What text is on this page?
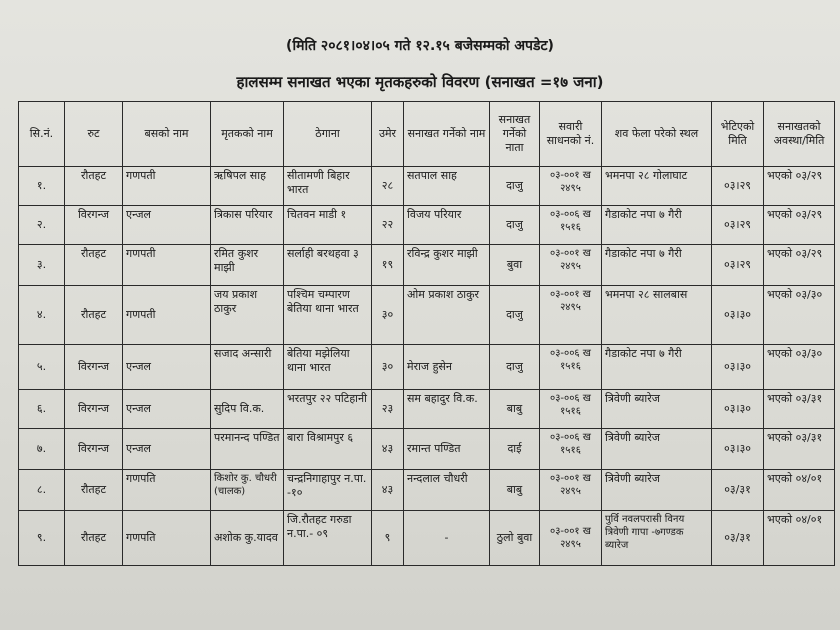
(मिति २०८१।०४।०५ गते १२.१५ बजेसम्मको अपडेट)
हालसम्म सनाखत भएका मृतकहरुको विवरण (सनाखत =१७ जना)
सि.नं.	रुट	बसको नाम	मृतकको नाम	ठेगाना	उमेर	सनाखत गर्नेको नाम	सनाखत गर्नेको नाता	सवारी साधनको नं.	शव फेला परेको स्थल	भेटिएको मिति	सनाखतको अवस्था/मिति
१.	रौतहट	गणपती	ऋषिपल साह	सीतामणी बिहार भारत	२८	सतपाल साह	दाजु	०३-००१ ख २४९५	भमनपा २८ गोलाघाट	०३।२९	भएको ०३/२९
२.	विरगन्ज	एन्जल	त्रिकास परियार	चितवन माडी १	२२	विजय परियार	दाजु	०३-००६ ख १५१६	गैडाकोट नपा ७ गैरी	०३।२९	भएको ०३/२९
३.	रौतहट	गणपती	रमित कुशर माझी	सर्लाही बरथहवा ३	१९	रविन्द्र कुशर माझी	बुवा	०३-००१ ख २४९५	गैडाकोट नपा ७ गैरी	०३।२९	भएको ०३/२९
४.	रौतहट	गणपती	जय प्रकाश ठाकुर	पश्चिम चम्पारण बेतिया थाना भारत	३०	ओम प्रकाश ठाकुर	दाजु	०३-००१ ख २४९५	भमनपा २८ सालबास	०३।३०	भएको ०३/३०
५.	विरगन्ज	एन्जल	सजाद अन्सारी	बेतिया मझेलिया थाना भारत	३०	मेराज हुसेन	दाजु	०३-००६ ख १५१६	गैडाकोट नपा ७ गैरी	०३।३०	भएको ०३/३०
६.	विरगन्ज	एन्जल	सुदिप वि.क.	भरतपुर २२ पटिहानी	२३	सम बहादुर वि.क.	बाबु	०३-००६ ख १५१६	त्रिवेणी ब्यारेज	०३।३०	भएको ०३/३१
७.	विरगन्ज	एन्जल	परमानन्द पण्डित	बारा विश्रामपुर ६	४३	रमान्त पण्डित	दाई	०३-००६ ख १५१६	त्रिवेणी ब्यारेज	०३।३०	भएको ०३/३१
८.	रौतहट	गणपति	किशोर कु. चौधरी (चालक)	चन्द्रनिगाहापुर न.पा. -१०	४३	नन्दलाल चौधरी	बाबु	०३-००१ ख २४९५	त्रिवेणी ब्यारेज	०३/३१	भएको ०४/०१
९.	रौतहट	गणपति	अशोक कु.यादव	जि.रौतहट गरुडा न.पा.- ०९	९	-	ठुलो बुवा	०३-००१ ख २४९५	पुर्वि नवलपरासी विनय त्रिवेणी गापा -७गण्डक ब्यारेज	०३/३१	भएको ०४/०१
